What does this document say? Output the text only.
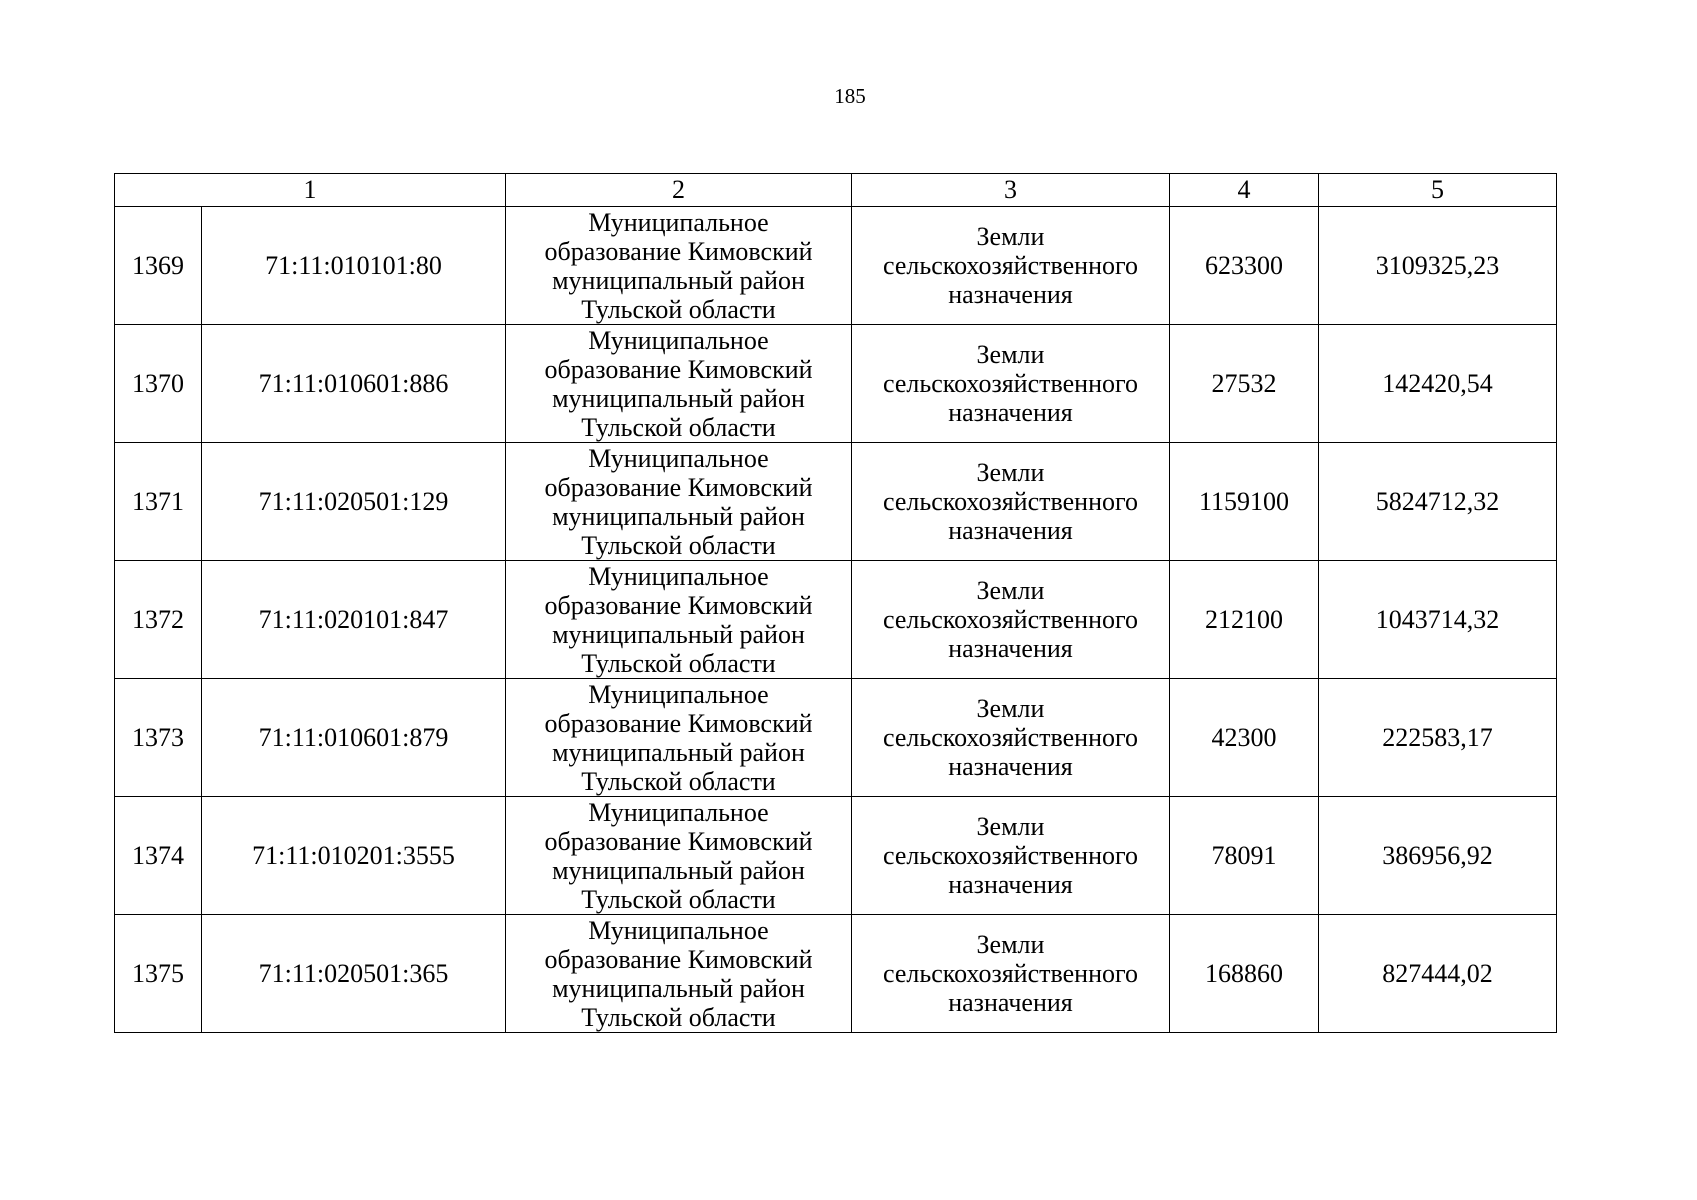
185
1		2	3	4	5
1369	71:11:010101:80	Муниципальное
образование Кимовский
муниципальный район
Тульской области	Земли
сельскохозяйственного
назначения	623300	3109325,23
1370	71:11:010601:886	Муниципальное
образование Кимовский
муниципальный район
Тульской области	Земли
сельскохозяйственного
назначения	27532	142420,54
1371	71:11:020501:129	Муниципальное
образование Кимовский
муниципальный район
Тульской области	Земли
сельскохозяйственного
назначения	1159100	5824712,32
1372	71:11:020101:847	Муниципальное
образование Кимовский
муниципальный район
Тульской области	Земли
сельскохозяйственного
назначения	212100	1043714,32
1373	71:11:010601:879	Муниципальное
образование Кимовский
муниципальный район
Тульской области	Земли
сельскохозяйственного
назначения	42300	222583,17
1374	71:11:010201:3555	Муниципальное
образование Кимовский
муниципальный район
Тульской области	Земли
сельскохозяйственного
назначения	78091	386956,92
1375	71:11:020501:365	Муниципальное
образование Кимовский
муниципальный район
Тульской области	Земли
сельскохозяйственного
назначения	168860	827444,02
